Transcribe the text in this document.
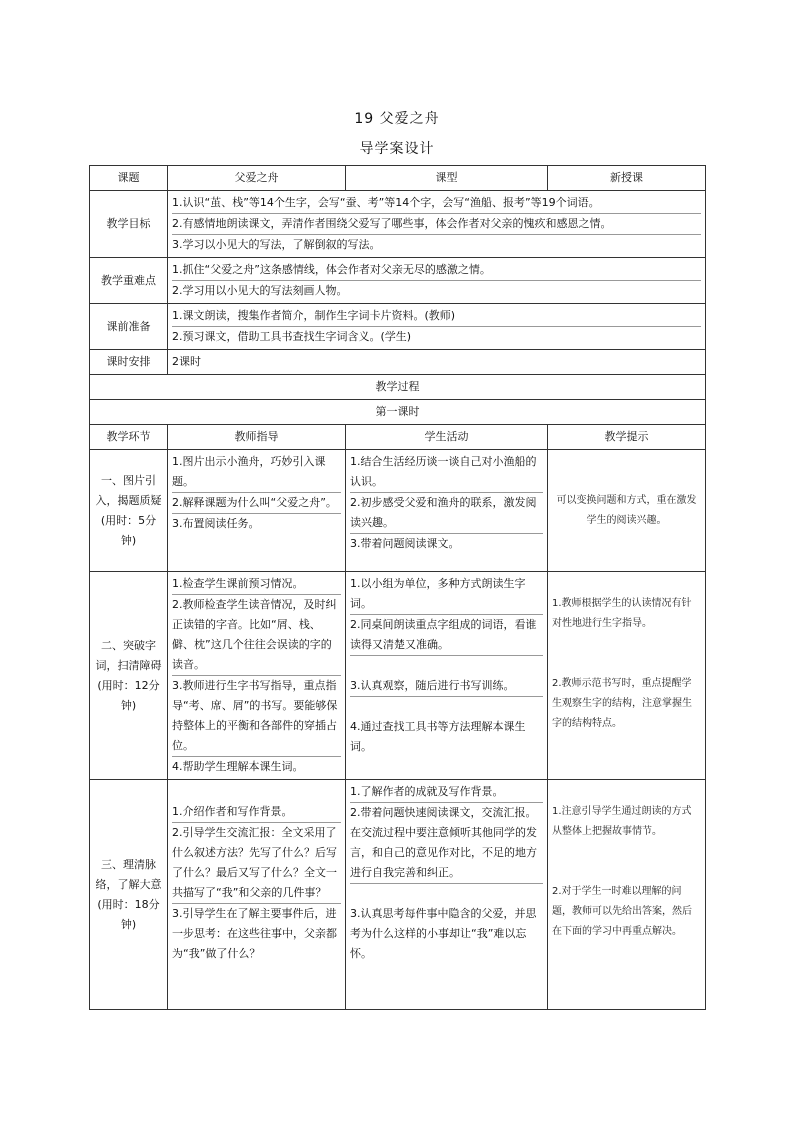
19 父爱之舟
导学案设计
课题	父爱之舟	课型	新授课
教学目标	1.认识“茧、栈”等14个生字，会写“蚕、考”等14个字，会写“渔船、报考”等19个词语。
2.有感情地朗读课文，弄清作者围绕父爱写了哪些事，体会作者对父亲的愧疚和感恩之情。
3.学习以小见大的写法，了解倒叙的写法。		

教学重难点	1.抓住“父爱之舟”这条感情线，体会作者对父亲无尽的感激之情。
2.学习用以小见大的写法刻画人物。		

课前准备	1.课文朗读，搜集作者简介，制作生字词卡片资料。(教师)
2.预习课文，借助工具书查找生字词含义。(学生)		

课时安排	2课时		
教学过程			
第一课时			
教学环节	教师指导	学生活动	教学提示
一、图片引入，揭题质疑(用时：5分钟)	1.图片出示小渔舟，巧妙引入课题。
2.解释课题为什么叫“父爱之舟”。
3.布置阅读任务。	1.结合生活经历谈一谈自己对小渔船的认识。
2.初步感受父爱和渔舟的联系，激发阅读兴趣。
3.带着问题阅读课文。	可以变换问题和方式，重在激发学生的阅读兴趣。
二、突破字词，扫清障碍(用时：12分钟)	1.检查学生课前预习情况。
2.教师检查学生读音情况，及时纠正读错的字音。比如“屑、栈、僻、枕”这几个往往会误读的字的读音。
3.教师进行生字书写指导，重点指导“考、席、屑”的书写。要能够保持整体上的平衡和各部件的穿插占位。
4.帮助学生理解本课生词。	1.以小组为单位，多种方式朗读生字词。
2.同桌间朗读重点字组成的词语，看谁读得又清楚又准确。
3.认真观察，随后进行书写训练。
4.通过查找工具书等方法理解本课生词。	1.教师根据学生的认读情况有针对性地进行生字指导。
2.教师示范书写时，重点提醒学生观察生字的结构，注意掌握生字的结构特点。
三、理清脉络，了解大意(用时：18分钟)	1.介绍作者和写作背景。
2.引导学生交流汇报：全文采用了什么叙述方法？先写了什么？后写了什么？最后又写了什么？全文一共描写了“我”和父亲的几件事？
3.引导学生在了解主要事件后，进一步思考：在这些往事中，父亲都为“我”做了什么？	1.了解作者的成就及写作背景。
2.带着问题快速阅读课文，交流汇报。在交流过程中要注意倾听其他同学的发言，和自己的意见作对比，不足的地方进行自我完善和纠正。
3.认真思考每件事中隐含的父爱，并思考为什么这样的小事却让“我”难以忘怀。	1.注意引导学生通过朗读的方式从整体上把握故事情节。
2.对于学生一时难以理解的问题，教师可以先给出答案，然后在下面的学习中再重点解决。
